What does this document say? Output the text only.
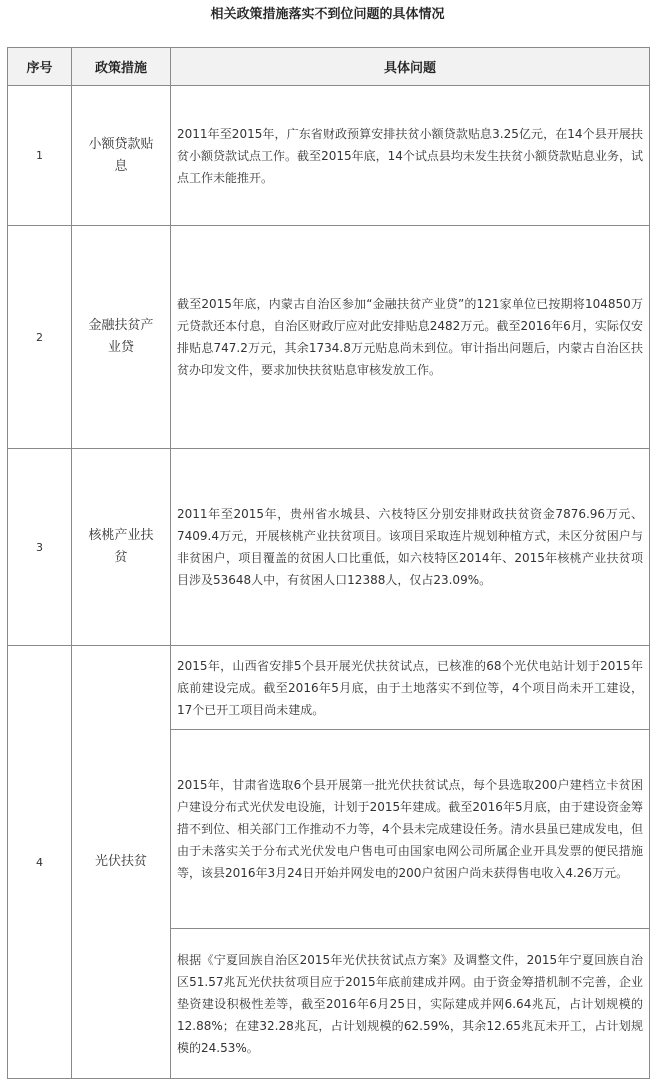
相关政策措施落实不到位问题的具体情况
序号	政策措施	具体问题
1	小额贷款贴息	2011年至2015年，广东省财政预算安排扶贫小额贷款贴息3.25亿元，在14个县开展扶贫小额贷款试点工作。截至2015年底，14个试点县均未发生扶贫小额贷款贴息业务，试点工作未能推开。
2	金融扶贫产业贷	截至2015年底，内蒙古自治区参加“金融扶贫产业贷”的121家单位已按期将104850万元贷款还本付息，自治区财政厅应对此安排贴息2482万元。截至2016年6月，实际仅安排贴息747.2万元，其余1734.8万元贴息尚未到位。审计指出问题后，内蒙古自治区扶贫办印发文件，要求加快扶贫贴息审核发放工作。
3	核桃产业扶贫	2011年至2015年，贵州省水城县、六枝特区分别安排财政扶贫资金7876.96万元、7409.4万元，开展核桃产业扶贫项目。该项目采取连片规划种植方式，未区分贫困户与非贫困户，项目覆盖的贫困人口比重低，如六枝特区2014年、2015年核桃产业扶贫项目涉及53648人中，有贫困人口12388人，仅占23.09%。
4	光伏扶贫	2015年，山西省安排5个县开展光伏扶贫试点，已核准的68个光伏电站计划于2015年底前建设完成。截至2016年5月底，由于土地落实不到位等，4个项目尚未开工建设，17个已开工项目尚未建成。
		2015年，甘肃省选取6个县开展第一批光伏扶贫试点，每个县选取200户建档立卡贫困户建设分布式光伏发电设施，计划于2015年建成。截至2016年5月底，由于建设资金筹措不到位、相关部门工作推动不力等，4个县未完成建设任务。清水县虽已建成发电，但由于未落实关于分布式光伏发电户售电可由国家电网公司所属企业开具发票的便民措施等，该县2016年3月24日开始并网发电的200户贫困户尚未获得售电收入4.26万元。
		根据《宁夏回族自治区2015年光伏扶贫试点方案》及调整文件，2015年宁夏回族自治区51.57兆瓦光伏扶贫项目应于2015年底前建成并网。由于资金筹措机制不完善，企业垫资建设积极性差等，截至2016年6月25日，实际建成并网6.64兆瓦，占计划规模的12.88%；在建32.28兆瓦，占计划规模的62.59%，其余12.65兆瓦未开工，占计划规模的24.53%。
